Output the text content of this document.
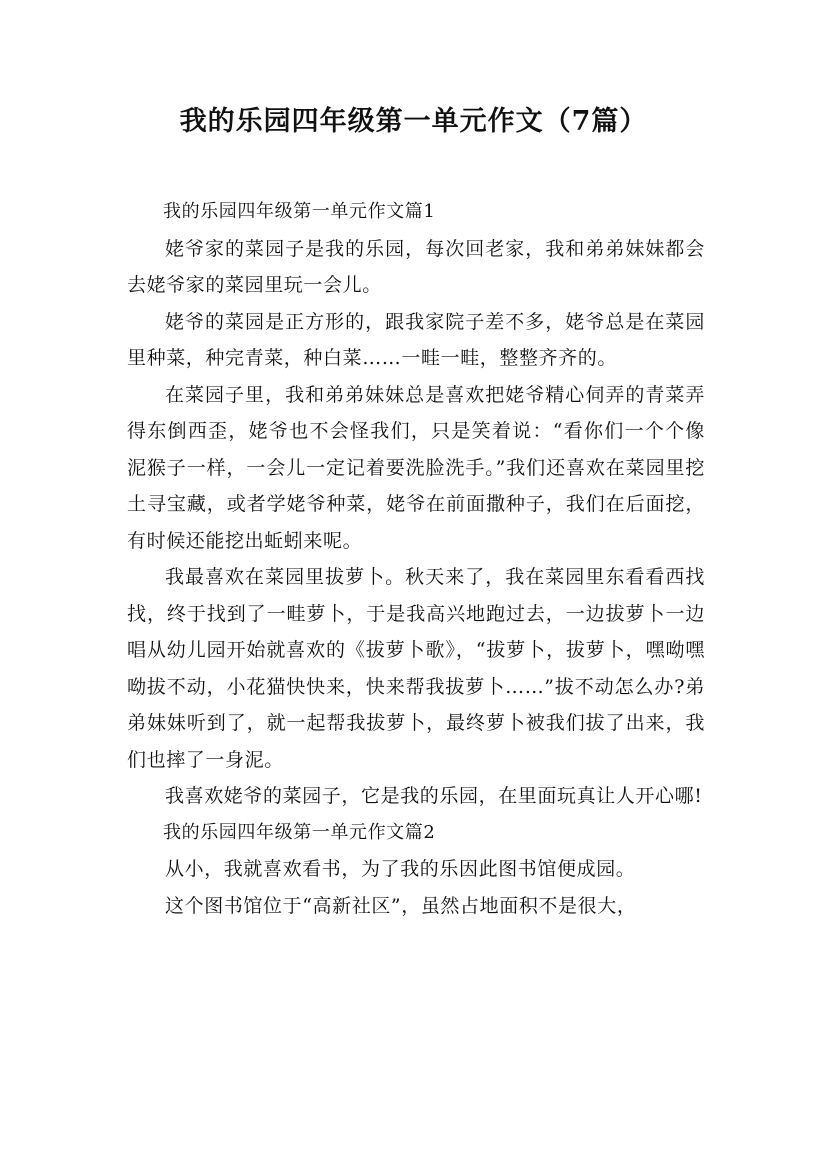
我的乐园四年级第一单元作文（7篇）

我的乐园四年级第一单元作文篇1

姥爷家的菜园子是我的乐园，每次回老家，我和弟弟妹妹都会去姥爷家的菜园里玩一会儿。

姥爷的菜园是正方形的，跟我家院子差不多，姥爷总是在菜园里种菜，种完青菜，种白菜……一畦一畦，整整齐齐的。

在菜园子里，我和弟弟妹妹总是喜欢把姥爷精心伺弄的青菜弄得东倒西歪，姥爷也不会怪我们，只是笑着说：“看你们一个个像泥猴子一样，一会儿一定记着要洗脸洗手。”我们还喜欢在菜园里挖土寻宝藏，或者学姥爷种菜，姥爷在前面撒种子，我们在后面挖，有时候还能挖出蚯蚓来呢。

我最喜欢在菜园里拔萝卜。秋天来了，我在菜园里东看看西找找，终于找到了一畦萝卜，于是我高兴地跑过去，一边拔萝卜一边唱从幼儿园开始就喜欢的《拔萝卜歌》，“拔萝卜，拔萝卜，嘿呦嘿呦拔不动，小花猫快快来，快来帮我拔萝卜……”拔不动怎么办?弟弟妹妹听到了，就一起帮我拔萝卜，最终萝卜被我们拔了出来，我们也摔了一身泥。

我喜欢姥爷的菜园子，它是我的乐园，在里面玩真让人开心哪!

我的乐园四年级第一单元作文篇2

从小，我就喜欢看书，为了我的乐因此图书馆便成园。

这个图书馆位于“高新社区”，虽然占地面积不是很大，
